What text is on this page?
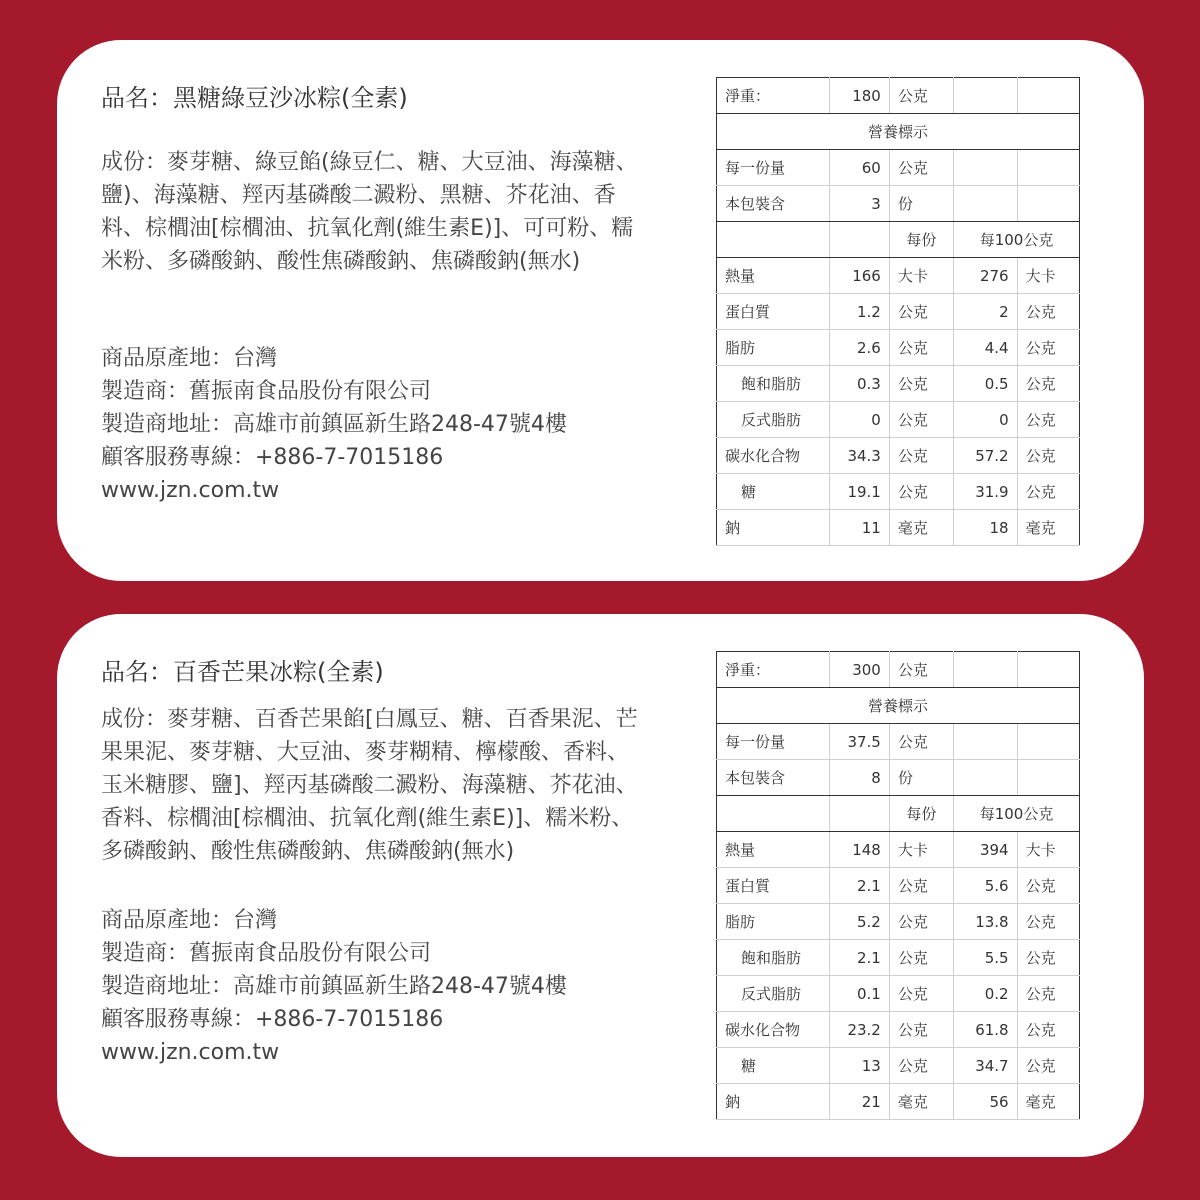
品名：黑糖綠豆沙冰粽(全素)
成份：麥芽糖、綠豆餡(綠豆仁、糖、大豆油、海藻糖、
鹽)、海藻糖、羥丙基磷酸二澱粉、黑糖、芥花油、香
料、棕櫚油[棕櫚油、抗氧化劑(維生素E)]、可可粉、糯
米粉、多磷酸鈉、酸性焦磷酸鈉、焦磷酸鈉(無水)
商品原產地：台灣
製造商：舊振南食品股份有限公司
製造商地址：高雄市前鎮區新生路248-47號4樓
顧客服務專線：+886-7-7015186
www.jzn.com.tw
淨重：	180	公克		
營養標示				
每一份量	60	公克		
本包裝含	3	份		
		每份	每100公克	
熱量	166	大卡	276	大卡
蛋白質	1.2	公克	2	公克
脂肪	2.6	公克	4.4	公克
飽和脂肪	0.3	公克	0.5	公克
反式脂肪	0	公克	0	公克
碳水化合物	34.3	公克	57.2	公克
糖	19.1	公克	31.9	公克
鈉	11	毫克	18	毫克
品名：百香芒果冰粽(全素)
成份：麥芽糖、百香芒果餡[白鳳豆、糖、百香果泥、芒
果果泥、麥芽糖、大豆油、麥芽糊精、檸檬酸、香料、
玉米糖膠、鹽]、羥丙基磷酸二澱粉、海藻糖、芥花油、
香料、棕櫚油[棕櫚油、抗氧化劑(維生素E)]、糯米粉、
多磷酸鈉、酸性焦磷酸鈉、焦磷酸鈉(無水)
商品原產地：台灣
製造商：舊振南食品股份有限公司
製造商地址：高雄市前鎮區新生路248-47號4樓
顧客服務專線：+886-7-7015186
www.jzn.com.tw
淨重：	300	公克		
營養標示				
每一份量	37.5	公克		
本包裝含	8	份		
		每份	每100公克	
熱量	148	大卡	394	大卡
蛋白質	2.1	公克	5.6	公克
脂肪	5.2	公克	13.8	公克
飽和脂肪	2.1	公克	5.5	公克
反式脂肪	0.1	公克	0.2	公克
碳水化合物	23.2	公克	61.8	公克
糖	13	公克	34.7	公克
鈉	21	毫克	56	毫克
